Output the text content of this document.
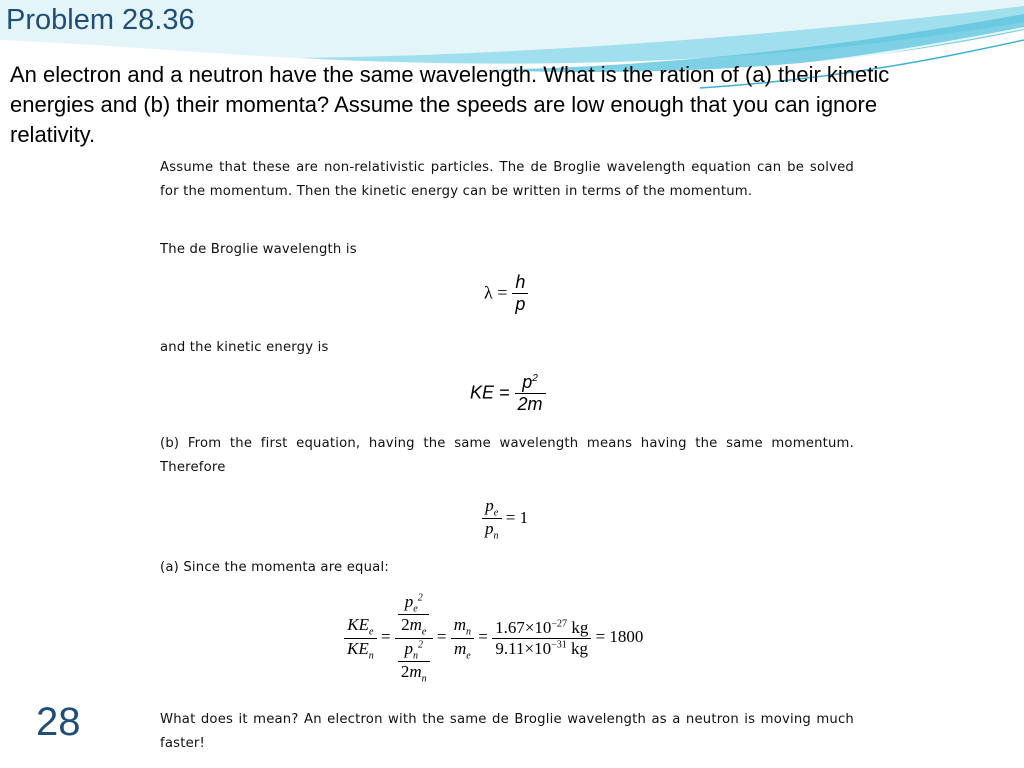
Problem 28.36

An electron and a neutron have the same wavelength. What is the ration of (a) their kinetic energies and (b) their momenta? Assume the speeds are low enough that you can ignore relativity.

Assume that these are non-relativistic particles. The de Broglie wavelength equation can be solved for the momentum. Then the kinetic energy can be written in terms of the momentum.

The de Broglie wavelength is

$\lambda = \frac{h}{p}$

and the kinetic energy is

KE = $\frac{p^2}{2m}$

(b) From the first equation, having the same wavelength means having the same momentum. Therefore

$\frac{p_e}{p_n} = 1$

(a) Since the momenta are equal:

$\frac{KE_e}{KE_n} = \frac{\frac{p_e^2}{2m_e}}{\frac{p_n^2}{2m_n}} = \frac{m_n}{m_e} = \frac{1.67\times 10^{-27} kg}{9.11\times 10^{-31} kg} = 1800$

What does it mean? An electron with the same de Broglie wavelength as a neutron is moving much faster!

28
